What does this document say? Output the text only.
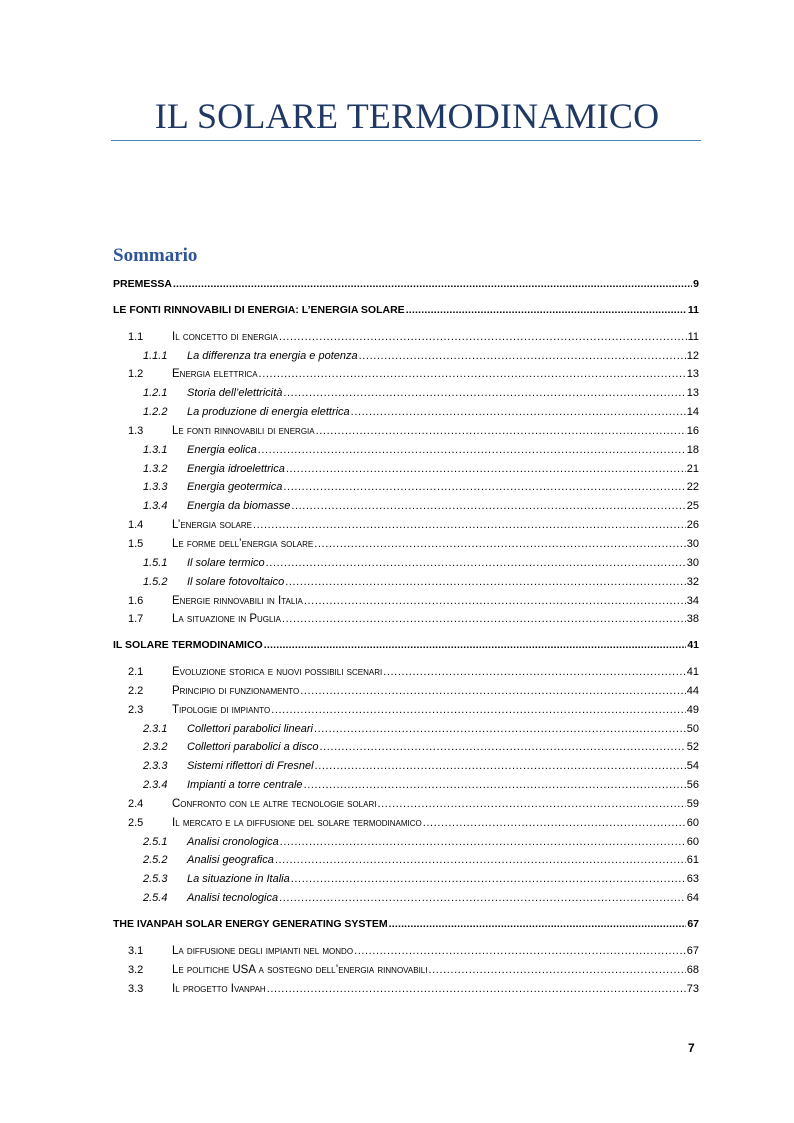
IL SOLARE TERMODINAMICO
Sommario
PREMESSA .....	9
LE FONTI RINNOVABILI DI ENERGIA: L’ENERGIA SOLARE .....	11
1.1	Il concetto di energia .....	11
1.1.1	La differenza tra energia e potenza .....	12
1.2	Energia elettrica .....	13
1.2.1	Storia dell’elettricità .....	13
1.2.2	La produzione di energia elettrica .....	14
1.3	Le fonti rinnovabili di energia .....	16
1.3.1	Energia eolica .....	18
1.3.2	Energia idroelettrica .....	21
1.3.3	Energia geotermica .....	22
1.3.4	Energia da biomasse .....	25
1.4	L’energia solare .....	26
1.5	Le forme dell’energia solare .....	30
1.5.1	Il solare termico .....	30
1.5.2	Il solare fotovoltaico .....	32
1.6	Energie rinnovabili in Italia .....	34
1.7	La situazione in Puglia .....	38
IL SOLARE TERMODINAMICO .....	41
2.1	Evoluzione storica e nuovi possibili scenari .....	41
2.2	Principio di funzionamento .....	44
2.3	Tipologie di impianto .....	49
2.3.1	Collettori parabolici lineari .....	50
2.3.2	Collettori parabolici a disco .....	52
2.3.3	Sistemi riflettori di Fresnel .....	54
2.3.4	Impianti a torre centrale .....	56
2.4	Confronto con le altre tecnologie solari .....	59
2.5	Il mercato e la diffusione del solare termodinamico .....	60
2.5.1	Analisi cronologica .....	60
2.5.2	Analisi geografica .....	61
2.5.3	La situazione in Italia .....	63
2.5.4	Analisi tecnologica .....	64
THE IVANPAH SOLAR ENERGY GENERATING SYSTEM .....	67
3.1	La diffusione degli impianti nel mondo .....	67
3.2	Le politiche USA a sostegno dell’energia rinnovabili .....	68
3.3	Il progetto Ivanpah .....	73
7
